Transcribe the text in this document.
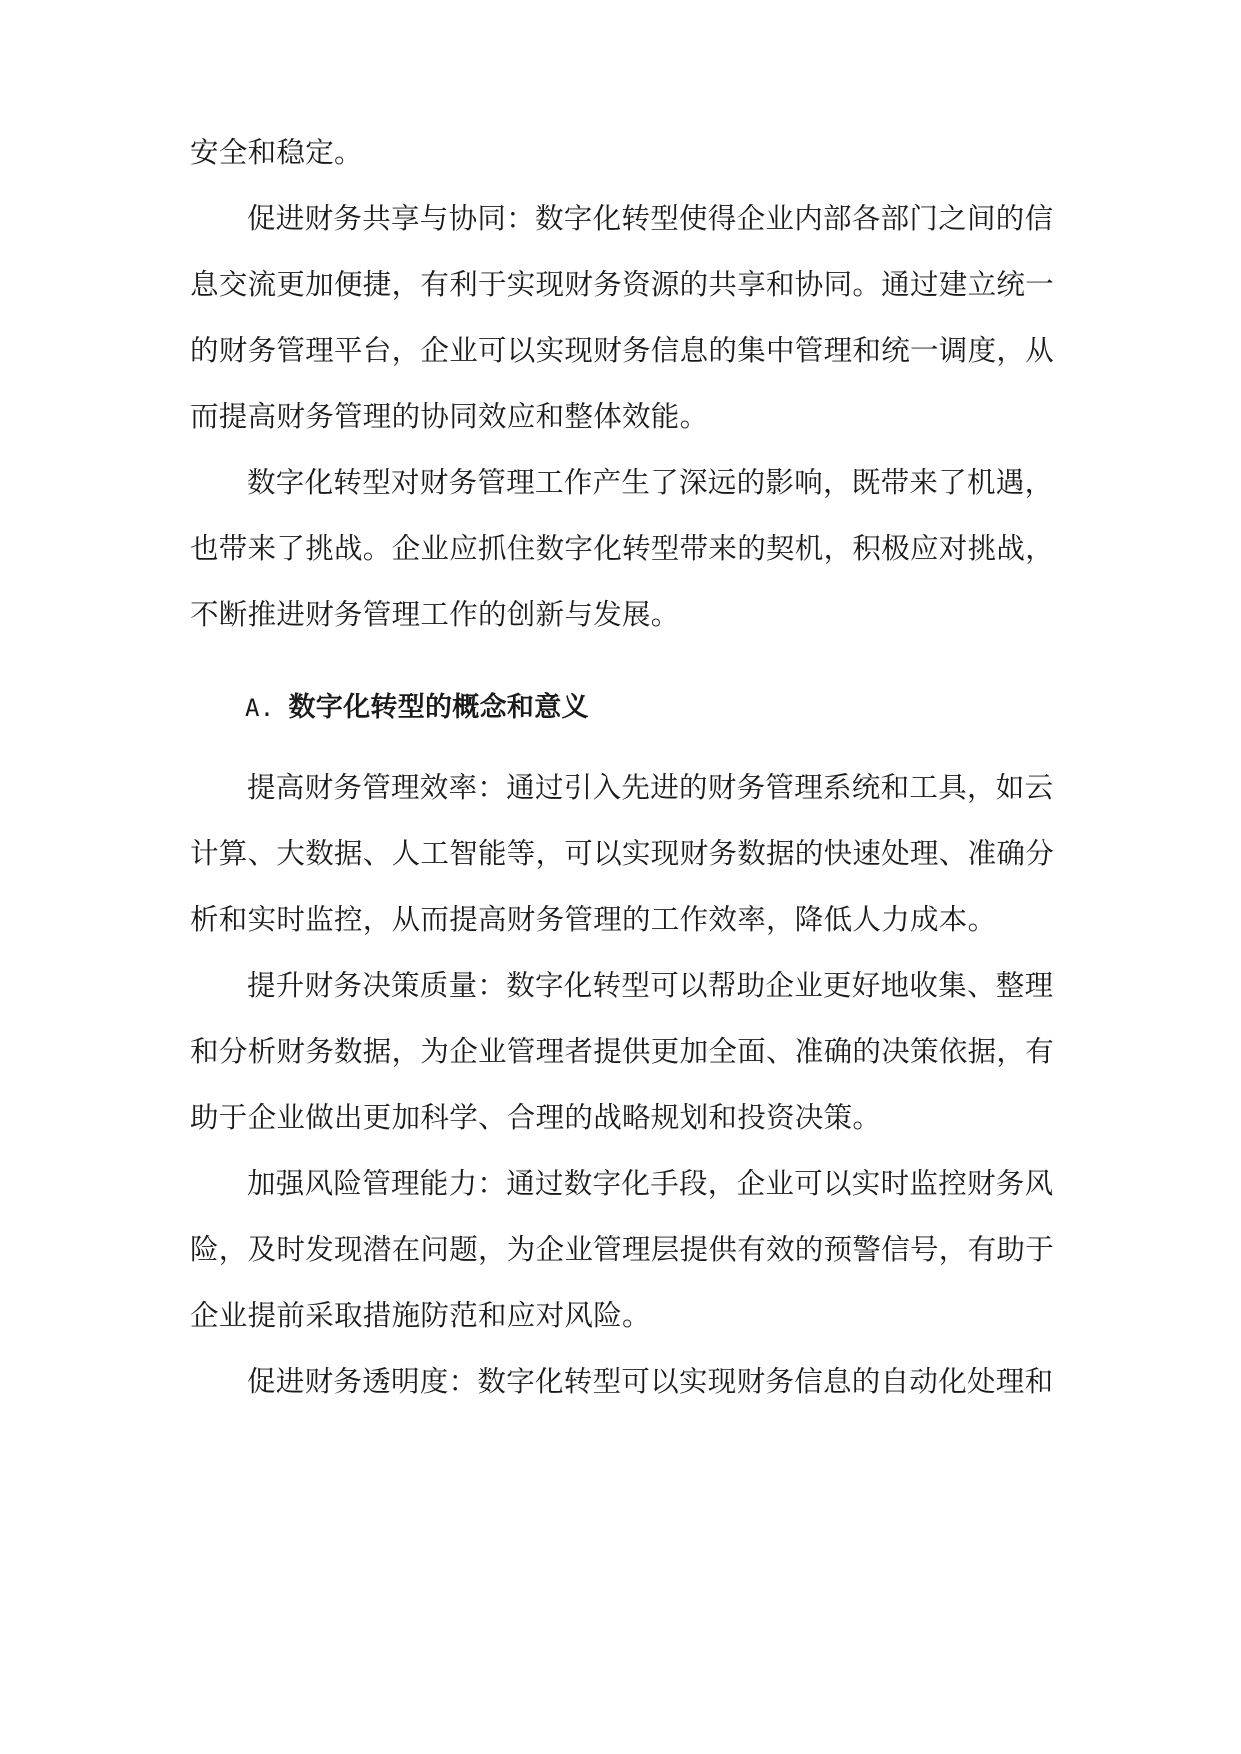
安全和稳定。
促进财务共享与协同：数字化转型使得企业内部各部门之间的信
息交流更加便捷，有利于实现财务资源的共享和协同。通过建立统一
的财务管理平台，企业可以实现财务信息的集中管理和统一调度，从
而提高财务管理的协同效应和整体效能。
数字化转型对财务管理工作产生了深远的影响，既带来了机遇，
也带来了挑战。企业应抓住数字化转型带来的契机，积极应对挑战，
不断推进财务管理工作的创新与发展。
A. 数字化转型的概念和意义
提高财务管理效率：通过引入先进的财务管理系统和工具，如云
计算、大数据、人工智能等，可以实现财务数据的快速处理、准确分
析和实时监控，从而提高财务管理的工作效率，降低人力成本。
提升财务决策质量：数字化转型可以帮助企业更好地收集、整理
和分析财务数据，为企业管理者提供更加全面、准确的决策依据，有
助于企业做出更加科学、合理的战略规划和投资决策。
加强风险管理能力：通过数字化手段，企业可以实时监控财务风
险，及时发现潜在问题，为企业管理层提供有效的预警信号，有助于
企业提前采取措施防范和应对风险。
促进财务透明度：数字化转型可以实现财务信息的自动化处理和
